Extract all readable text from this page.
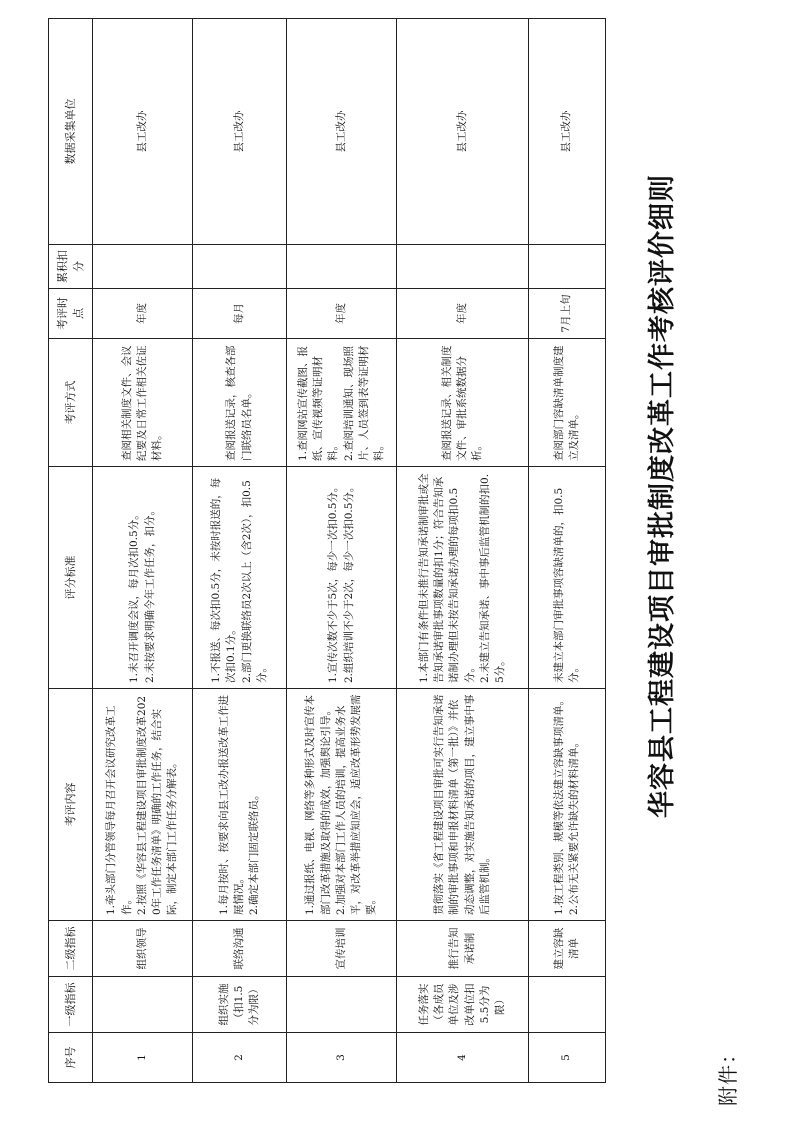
附件：
华容县工程建设项目审批制度改革工作考核评价细则
序号	一级指标	二级指标	考评内容	评分标准	考评方式	考评时点	累积扣分	数据采集单位
1		组织领导	1.牵头部门分管领导每月召开会议研究改革工作。
2.按照《华容县工程建设项目审批制度改革2020年工作任务清单》明确的工作任务，结合实际，制定本部门工作任务分解表。	1.未召开调度会议，每月次扣0.5分。
2.未按要求明确今年工作任务，扣分。	查阅相关制度文件、会议纪要及日常工作相关佐证材料。	年度		县工改办
2	组织实施（扣1.5分为限）	联络沟通	1.每月按时、按要求向县工改办报送改革工作进展情况。
2.确定本部门固定联络员。	1.不报送、每次扣0.5分，未按时报送的，每次扣0.1分。
2.部门更换联络员2次以上（含2次），扣0.5分。	查阅报送记录，核查各部门联络员名单。	每月		县工改办
3		宣传培训	1.通过报纸、电视、网络等多种形式及时宣传本部门改革措施及取得的成效，加强舆论引导。
2.加强对本部门工作人员的培训，提高业务水平，对改革举措应知应会，适应改革形势发展需要。	1.宣传次数不少于5次，每少一次扣0.5分。
2.组织培训不少于2次，每少一次扣0.5分。	1.查阅网站宣传截图、报纸、宣传视频等证明材料。
2.查阅培训通知、现场照片、人员签到表等证明材料。	年度		县工改办
4	任务落实（各成员单位及涉改单位扣5.5分为限）	推行告知承诺制	贯彻落实《省工程建设项目审批可实行告知承诺制的审批事项和申报材料清单（第一批）》并依动态调整，对实施告知承诺的项目，建立事中事后监管机制。	1.本部门有条件但未推行告知承诺制审批或全告知承诺审批事项数量的扣1分；符合告知承诺制办理但未按告知承诺办理的每项扣0.5分。
2.未建立告知承诺、事中事后监管机制的扣0.5分。	查阅报送记录、相关制度文件、审批系统数据分析。	年度		县工改办
5		建立容缺清单	1.按工程类别、规模等依法建立容缺事项清单。
2.公布无关紧要允许缺失的材料清单。	未建立本部门审批事项容缺清单的，扣0.5分。	查阅部门容缺清单制度建立及清单。	7月上旬		县工改办
